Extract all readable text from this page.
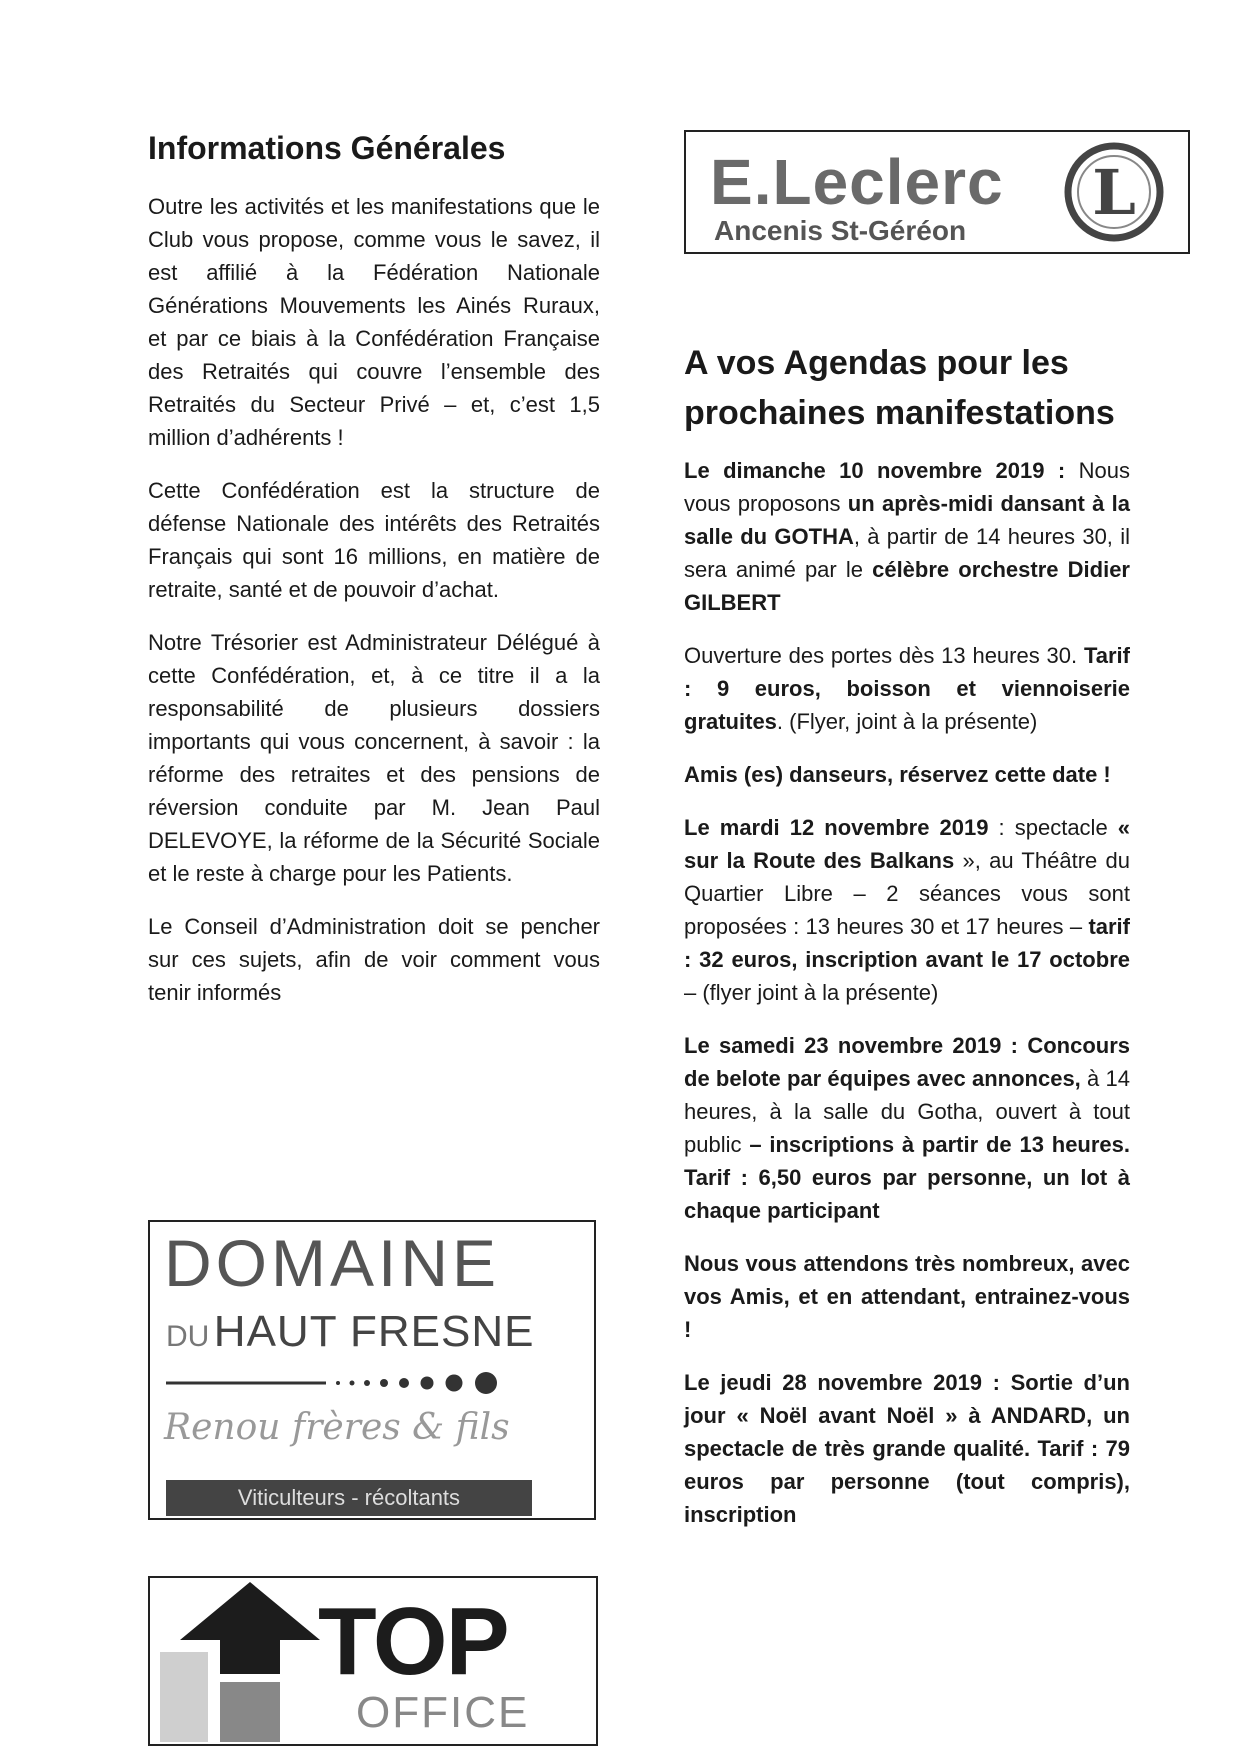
Informations Générales

Outre les activités et les manifestations que le Club vous propose, comme vous le savez, il est affilié à la Fédération Nationale Générations Mouvements les Ainés Ruraux, et par ce biais à la Confédération Française des Retraités qui couvre l’ensemble des Retraités du Secteur Privé – et, c’est 1,5 million d’adhérents !

Cette Confédération est la structure de défense Nationale des intérêts des Retraités Français qui sont 16 millions, en matière de retraite, santé et de pouvoir d’achat.

Notre Trésorier est Administrateur Délégué à cette Confédération, et, à ce titre il a la responsabilité de plusieurs dossiers importants qui vous concernent, à savoir : la réforme des retraites et des pensions de réversion conduite par M. Jean Paul DELEVOYE, la réforme de la Sécurité Sociale et le reste à charge pour les Patients.

Le Conseil d’Administration doit se pencher sur ces sujets, afin de voir comment vous tenir informés

E.Leclerc
Ancenis St-Géréon
L
DOMAINE
DU HAUT FRESNE
Renou frères & fils
Viticulteurs - récoltants
TOP
OFFICE
A vos Agendas pour les prochaines manifestations

Le dimanche 10 novembre 2019 : Nous vous proposons un après-midi dansant à la salle du GOTHA, à partir de 14 heures 30, il sera animé par le célèbre orchestre Didier GILBERT

Ouverture des portes dès 13 heures 30. Tarif : 9 euros, boisson et viennoiserie gratuites. (Flyer, joint à la présente)

Amis (es) danseurs, réservez cette date !

Le mardi 12 novembre 2019 : spectacle « sur la Route des Balkans », au Théâtre du Quartier Libre – 2 séances vous sont proposées : 13 heures 30 et 17 heures – tarif : 32 euros, inscription avant le 17 octobre – (flyer joint à la présente)

Le samedi 23 novembre 2019 : Concours de belote par équipes avec annonces, à 14 heures, à la salle du Gotha, ouvert à tout public – inscriptions à partir de 13 heures. Tarif : 6,50 euros par personne, un lot à chaque participant

Nous vous attendons très nombreux, avec vos Amis, et en attendant, entrainez-vous !

Le jeudi 28 novembre 2019 : Sortie d’un jour « Noël avant Noël » à ANDARD, un spectacle de très grande qualité. Tarif : 79 euros par personne (tout compris), inscription
